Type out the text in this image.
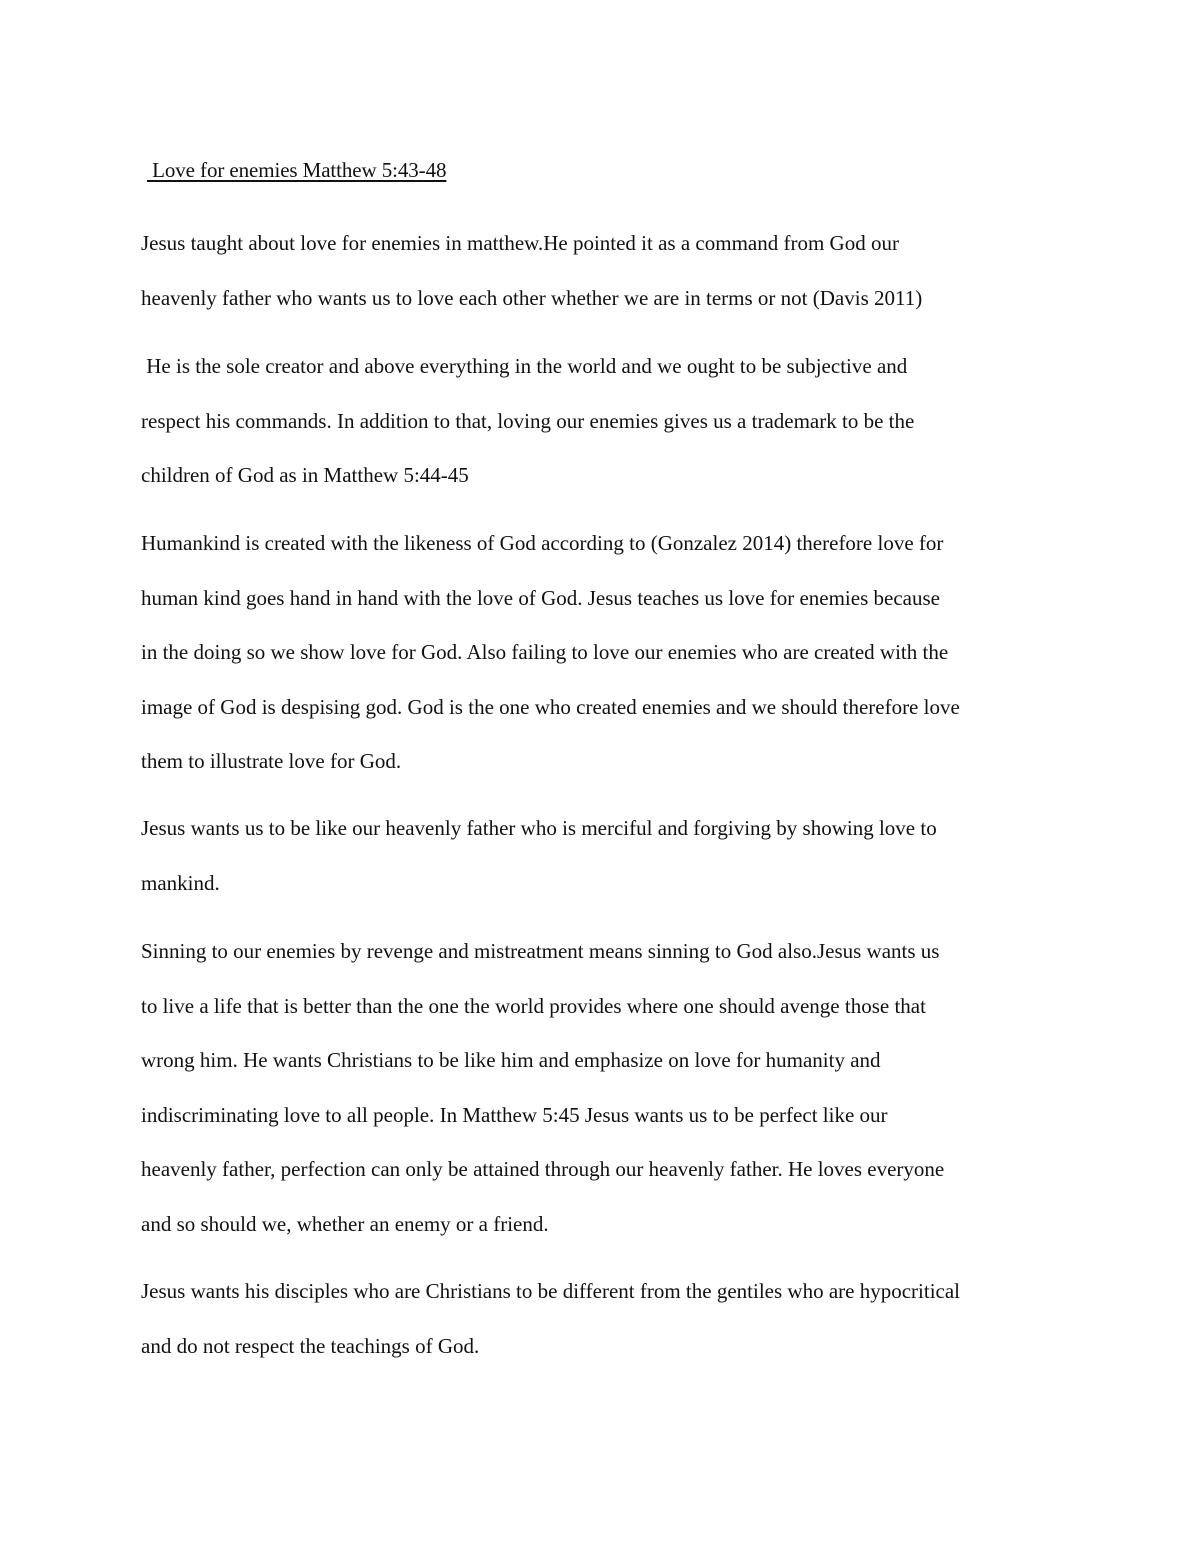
Love for enemies Matthew 5:43-48
Jesus taught about love for enemies in matthew.He pointed it as a command from God our
heavenly father who wants us to love each other whether we are in terms or not (Davis 2011)
He is the sole creator and above everything in the world and we ought to be subjective and
respect his commands. In addition to that, loving our enemies gives us a trademark to be the
children of God as in Matthew 5:44-45
Humankind is created with the likeness of God according to (Gonzalez 2014) therefore love for
human kind goes hand in hand with the love of God. Jesus teaches us love for enemies because
in the doing so we show love for God. Also failing to love our enemies who are created with the
image of God is despising god. God is the one who created enemies and we should therefore love
them to illustrate love for God.
Jesus wants us to be like our heavenly father who is merciful and forgiving by showing love to
mankind.
Sinning to our enemies by revenge and mistreatment means sinning to God also.Jesus wants us
to live a life that is better than the one the world provides where one should avenge those that
wrong him. He wants Christians to be like him and emphasize on love for humanity and
indiscriminating love to all people. In Matthew 5:45 Jesus wants us to be perfect like our
heavenly father, perfection can only be attained through our heavenly father. He loves everyone
and so should we, whether an enemy or a friend.
Jesus wants his disciples who are Christians to be different from the gentiles who are hypocritical
and do not respect the teachings of God.
